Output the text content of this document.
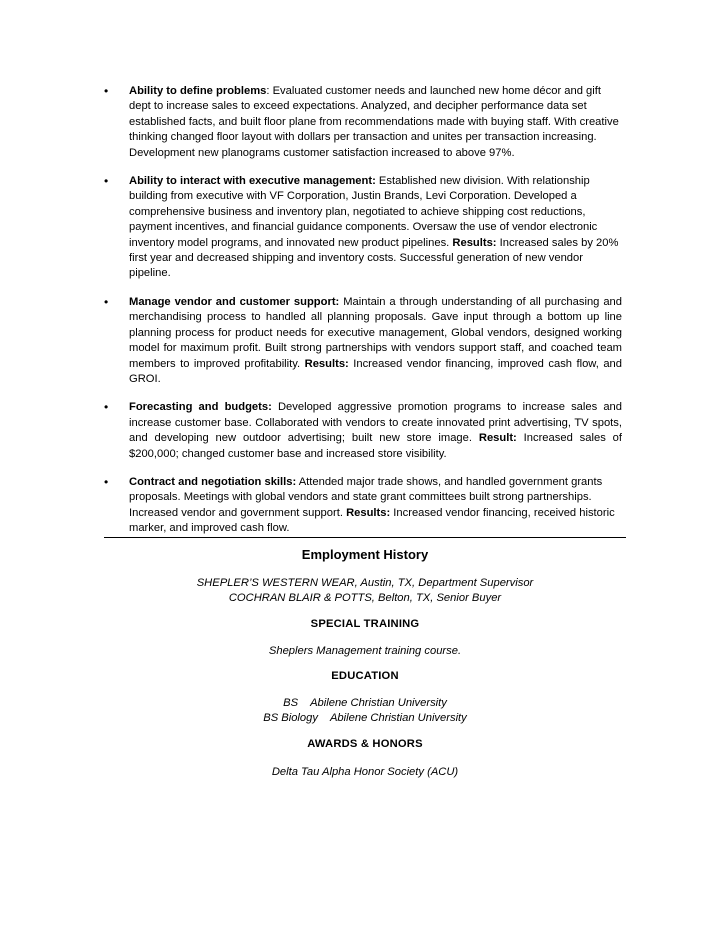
•	Ability to define problems: Evaluated customer needs and launched new home décor and gift dept to increase sales to exceed expectations. Analyzed, and decipher performance data set established facts, and built floor plane from recommendations made with buying staff. With creative thinking changed floor layout with dollars per transaction and unites per transaction increasing. Development new planograms customer satisfaction increased to above 97%.
•	Ability to interact with executive management: Established new division. With relationship building from executive with VF Corporation, Justin Brands, Levi Corporation. Developed a comprehensive business and inventory plan, negotiated to achieve shipping cost reductions, payment incentives, and financial guidance components. Oversaw the use of vendor electronic inventory model programs, and innovated new product pipelines. Results: Increased sales by 20% first year and decreased shipping and inventory costs. Successful generation of new vendor pipeline.
•	Manage vendor and customer support: Maintain a through understanding of all purchasing and merchandising process to handled all planning proposals. Gave input through a bottom up line planning process for product needs for executive management, Global vendors, designed working model for maximum profit. Built strong partnerships with vendors support staff, and coached team members to improved profitability. Results: Increased vendor financing, improved cash flow, and GROI.
•	Forecasting and budgets: Developed aggressive promotion programs to increase sales and increase customer base. Collaborated with vendors to create innovated print advertising, TV spots, and developing new outdoor advertising; built new store image. Result: Increased sales of $200,000; changed customer base and increased store visibility.
•	Contract and negotiation skills: Attended major trade shows, and handled government grants proposals. Meetings with global vendors and state grant committees built strong partnerships. Increased vendor and government support. Results: Increased vendor financing, received historic marker, and improved cash flow.
Employment History
SHEPLER’S WESTERN WEAR, Austin, TX, Department Supervisor
COCHRAN BLAIR & POTTS, Belton, TX, Senior Buyer
SPECIAL TRAINING
Sheplers Management training course.
EDUCATION
BS Abilene Christian University
BS Biology Abilene Christian University
AWARDS & HONORS
Delta Tau Alpha Honor Society (ACU)
